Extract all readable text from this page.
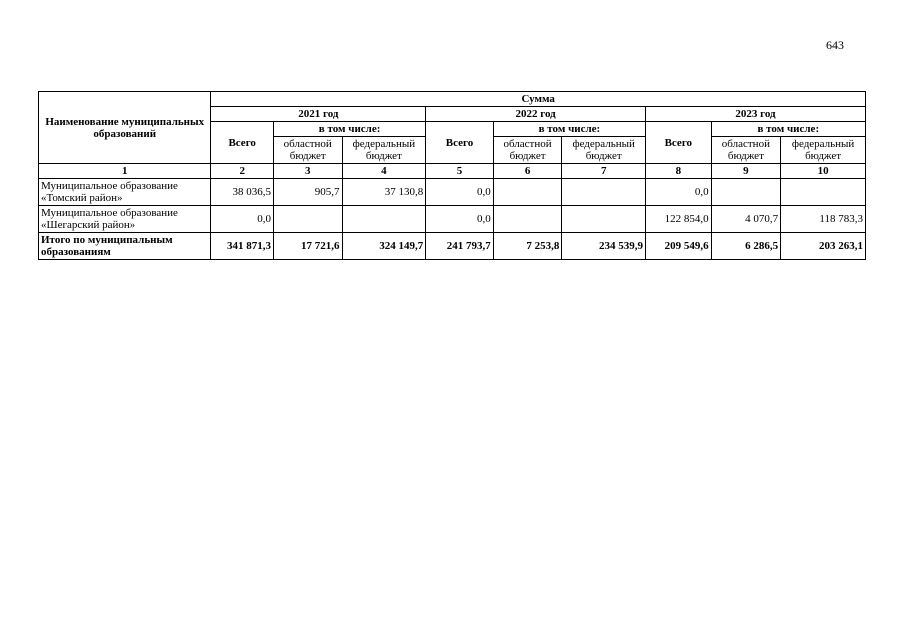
643
Наименование муниципальных образований	Сумма								
	2021 год			2022 год			2023 год		
	Всего	в том числе:		Всего	в том числе:		Всего	в том числе:	
		областной бюджет	федеральный бюджет		областной бюджет	федеральный бюджет		областной бюджет	федеральный бюджет
1	2	3	4	5	6	7	8	9	10
Муниципальное образование «Томский район»	38 036,5	905,7	37 130,8	0,0			0,0		
Муниципальное образование «Шегарский район»	0,0			0,0			122 854,0	4 070,7	118 783,3
Итого по муниципальным образованиям	341 871,3	17 721,6	324 149,7	241 793,7	7 253,8	234 539,9	209 549,6	6 286,5	203 263,1
